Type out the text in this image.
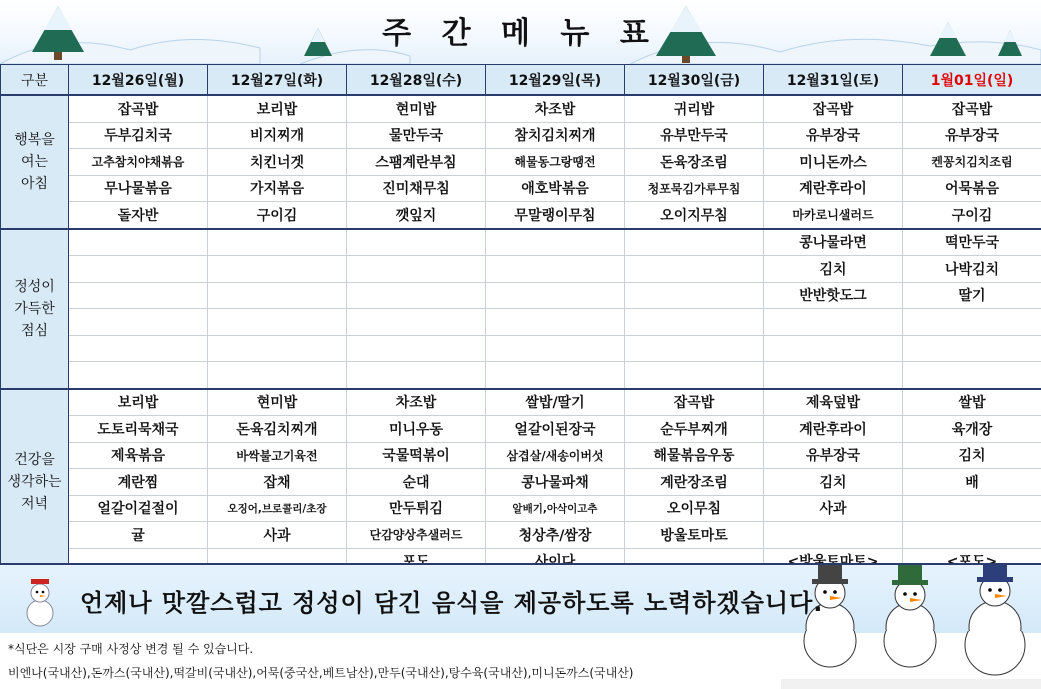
주 간 메 뉴 표
구분	12월26일(월)	12월27일(화)	12월28일(수)	12월29일(목)	12월30일(금)	12월31일(토)	1월01일(일)

행복을
여는
아침	잡곡밥	보리밥	현미밥	차조밥	귀리밥	잡곡밥	잡곡밥
	두부김치국	비지찌개	물만두국	참치김치찌개	유부만두국	유부장국	유부장국
	고추참치야채볶음	치킨너겟	스팸계란부침	해물동그랑땡전	돈육장조림	미니돈까스	켄꽁치김치조림
	무나물볶음	가지볶음	진미채무침	애호박볶음	청포묵김가루무침	계란후라이	어묵볶음
	돌자반	구이김	깻잎지	무말랭이무침	오이지무침	마카로니샐러드	구이김

정성이
가득한
점심						콩나물라면	떡만두국
						김치	나박김치
						반반핫도그	딸기

건강을
생각하는
저녁	보리밥	현미밥	차조밥	쌀밥/딸기	잡곡밥	제육덮밥	쌀밥
	도토리묵채국	돈육김치찌개	미니우동	얼갈이된장국	순두부찌개	계란후라이	육개장
	제육볶음	바싹불고기육전	국물떡볶이	삼겹살/새송이버섯	해물볶음우동	유부장국	김치
	계란찜	잡채	순대	콩나물파채	계란장조림	김치	배
	얼갈이겉절이	오징어,브로콜리/초장	만두튀김	알배기,아삭이고추	오이무침	사과	
	귤	사과	단감양상추샐러드	청상추/쌈장	방울토마토		

언제나 맛깔스럽고 정성이 담긴 음식을 제공하도록 노력하겠습니다.
*식단은 시장 구매 사정상 변경 될 수 있습니다.
비엔나(국내산),돈까스(국내산),떡갈비(국내산),어묵(중국산,베트남산),만두(국내산),탕수육(국내산),미니돈까스(국내산)
